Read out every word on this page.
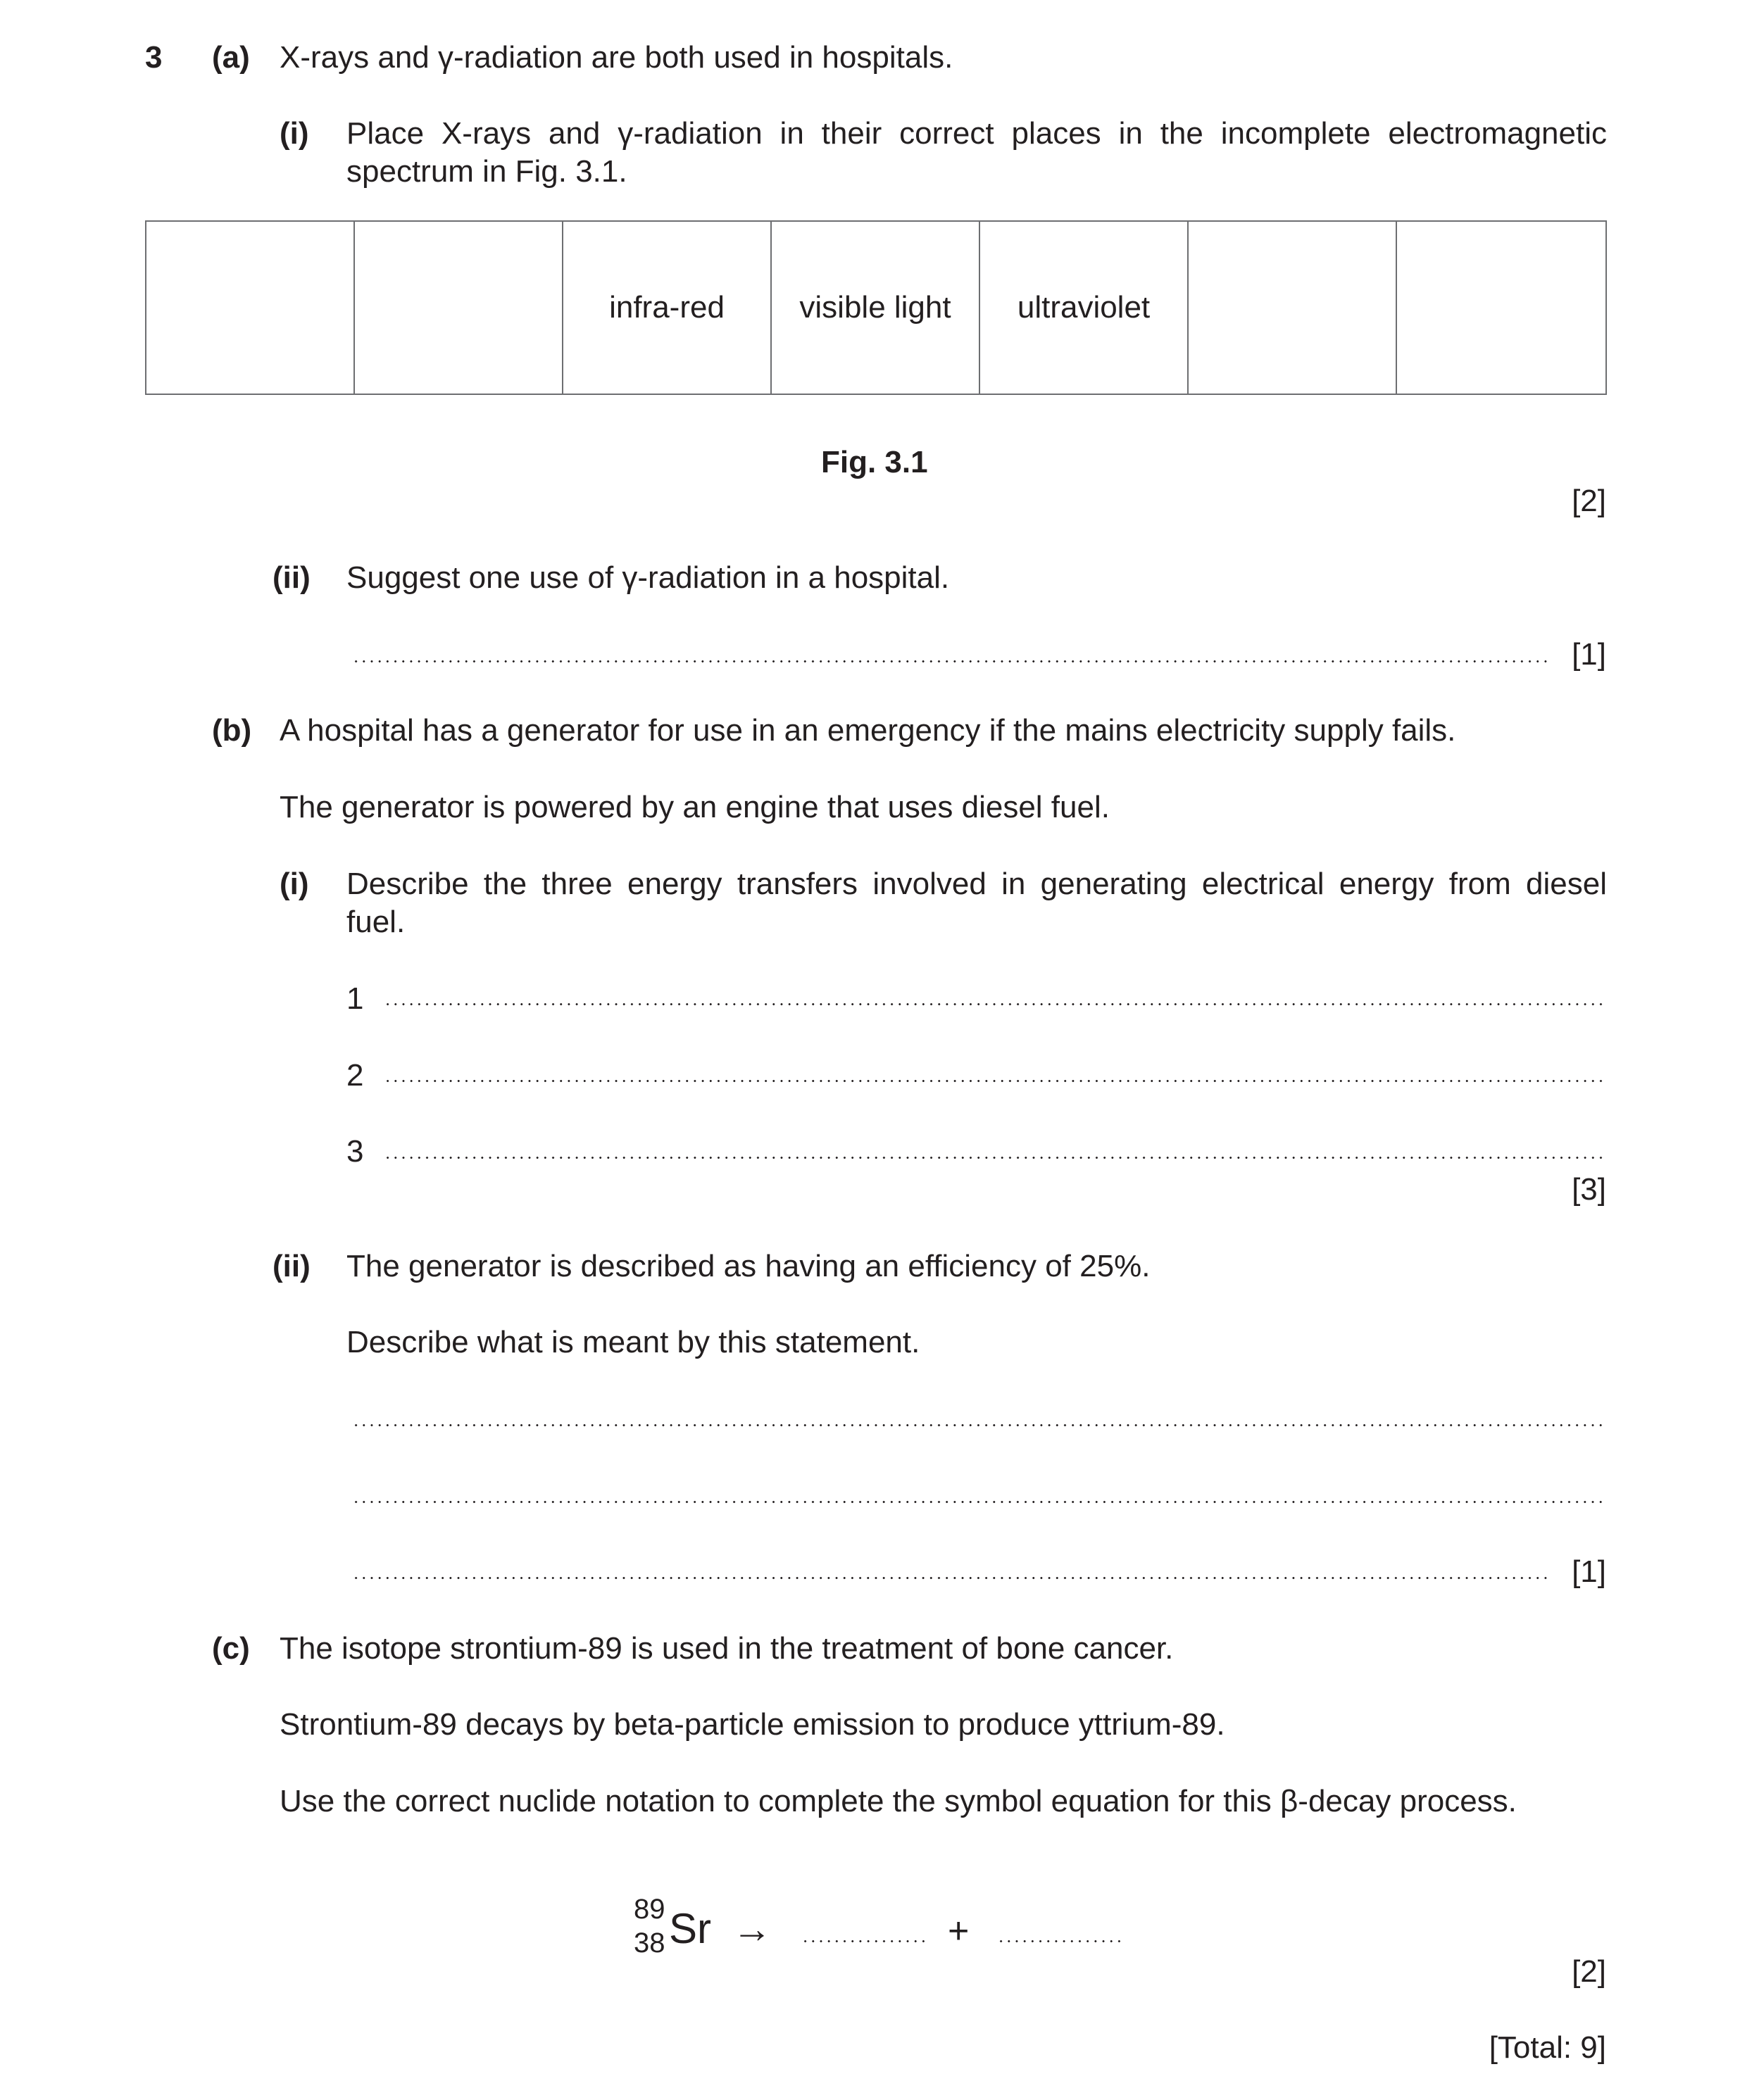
3 (a) X-rays and γ-radiation are both used in hospitals.
(i) Place X-rays and γ-radiation in their correct places in the incomplete electromagnetic
spectrum in Fig. 3.1.
infra-red	visible light	ultraviolet
Fig. 3.1
[2]
(ii) Suggest one use of γ-radiation in a hospital.
[1]
(b) A hospital has a generator for use in an emergency if the mains electricity supply fails.
The generator is powered by an engine that uses diesel fuel.
(i) Describe the three energy transfers involved in generating electrical energy from diesel
fuel.
1
2
3
[3]
(ii) The generator is described as having an efficiency of 25%.
Describe what is meant by this statement.
[1]
(c) The isotope strontium-89 is used in the treatment of bone cancer.
Strontium-89 decays by beta-particle emission to produce yttrium-89.
Use the correct nuclide notation to complete the symbol equation for this β-decay process.
89
38 Sr →	+
[2]
[Total: 9]
